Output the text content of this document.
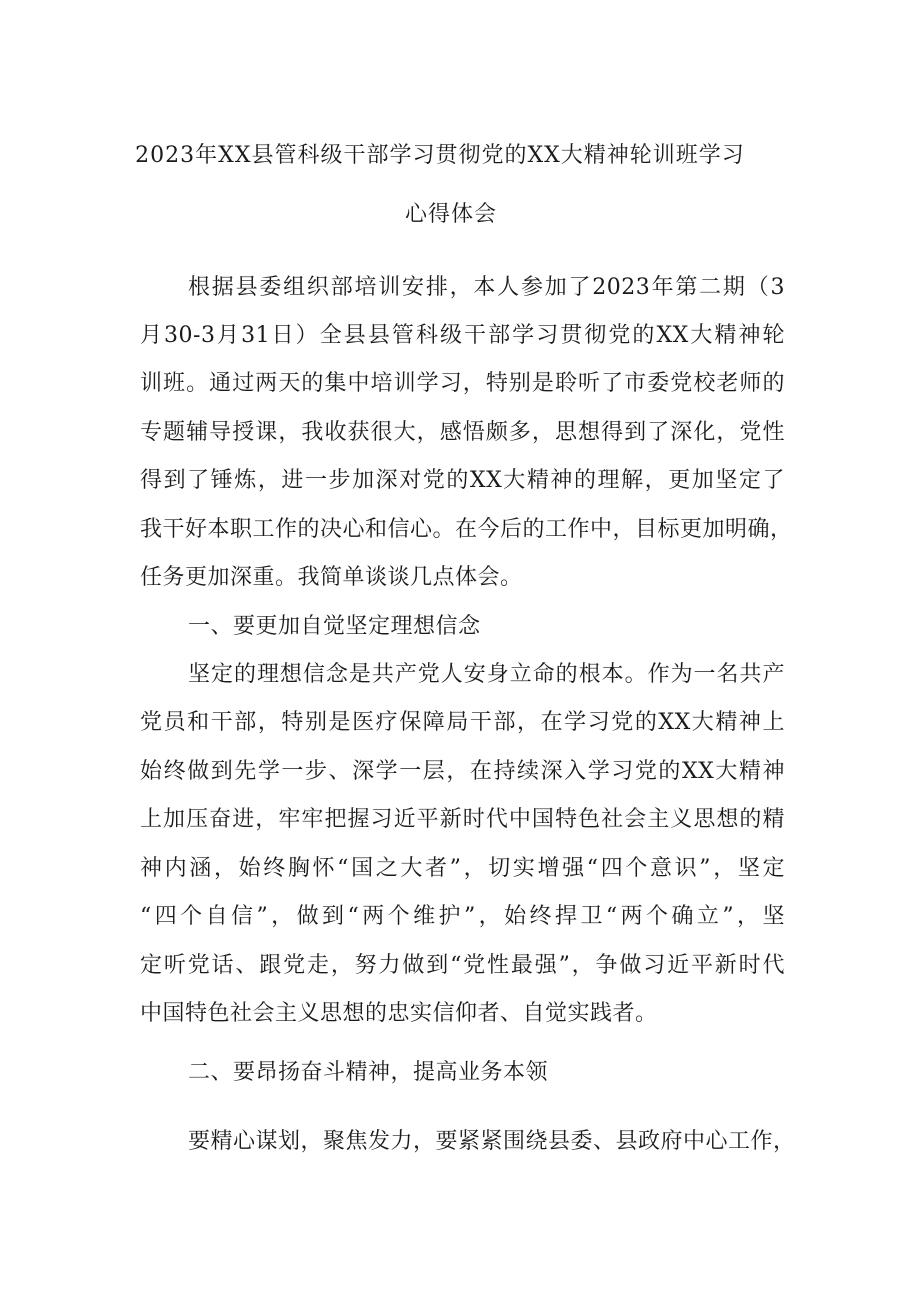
2023年XX县管科级干部学习贯彻党的XX大精神轮训班学习
心得体会
根据县委组织部培训安排，本人参加了2023年第二期（3
月30-3月31日）全县县管科级干部学习贯彻党的XX大精神轮
训班。通过两天的集中培训学习，特别是聆听了市委党校老师的
专题辅导授课，我收获很大，感悟颇多，思想得到了深化，党性
得到了锤炼，进一步加深对党的XX大精神的理解，更加坚定了
我干好本职工作的决心和信心。在今后的工作中，目标更加明确，
任务更加深重。我简单谈谈几点体会。
一、要更加自觉坚定理想信念
坚定的理想信念是共产党人安身立命的根本。作为一名共产
党员和干部，特别是医疗保障局干部，在学习党的XX大精神上
始终做到先学一步、深学一层，在持续深入学习党的XX大精神
上加压奋进，牢牢把握习近平新时代中国特色社会主义思想的精
神内涵，始终胸怀“国之大者”，切实增强“四个意识”，坚定
“四个自信”，做到“两个维护”，始终捍卫“两个确立”，坚
定听党话、跟党走，努力做到“党性最强”，争做习近平新时代
中国特色社会主义思想的忠实信仰者、自觉实践者。
二、要昂扬奋斗精神，提高业务本领
要精心谋划，聚焦发力，要紧紧围绕县委、县政府中心工作，
